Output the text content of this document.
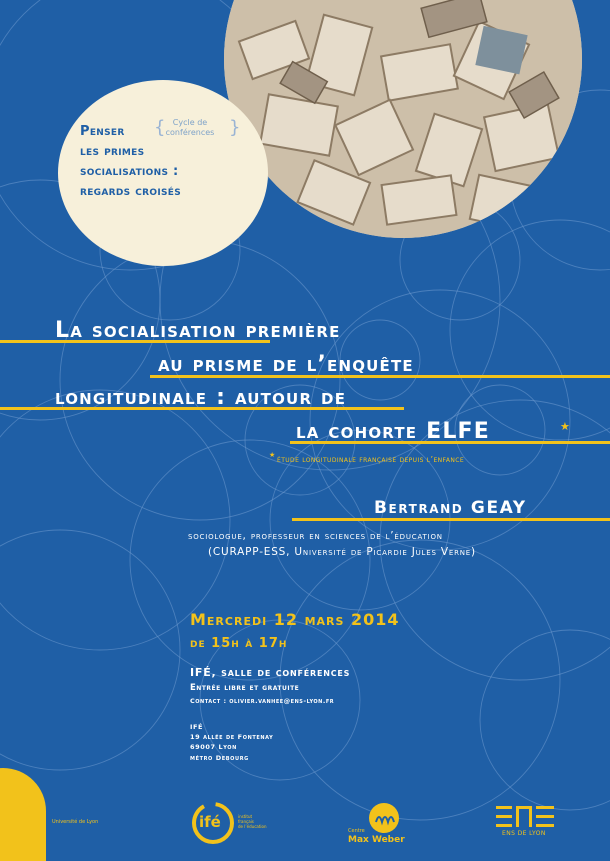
Penser
les primes
socialisations :
regards croisés
{ Cycle de
conférences }
La socialisation première
au prisme de l’enquête
longitudinale : autour de
la cohorte ELFE	★
★ étude longitudinale française depuis l’enfance
Bertrand GEAY
sociologue, professeur en sciences de l’éducation
(CURAPP-ESS, Université de Picardie Jules Verne)
Mercredi 12 mars 2014
de 15h à 17h
IFÉ, salle de conférences
Entrée libre et gratuite
Contact : olivier.vanhee@ens-lyon.fr
IFÉ
19 allée de Fontenay
69007 Lyon
métro Debourg
Université de Lyon	ifé	institut
français
de l’éducation
Centre
Max Weber
ENS DE LYON
